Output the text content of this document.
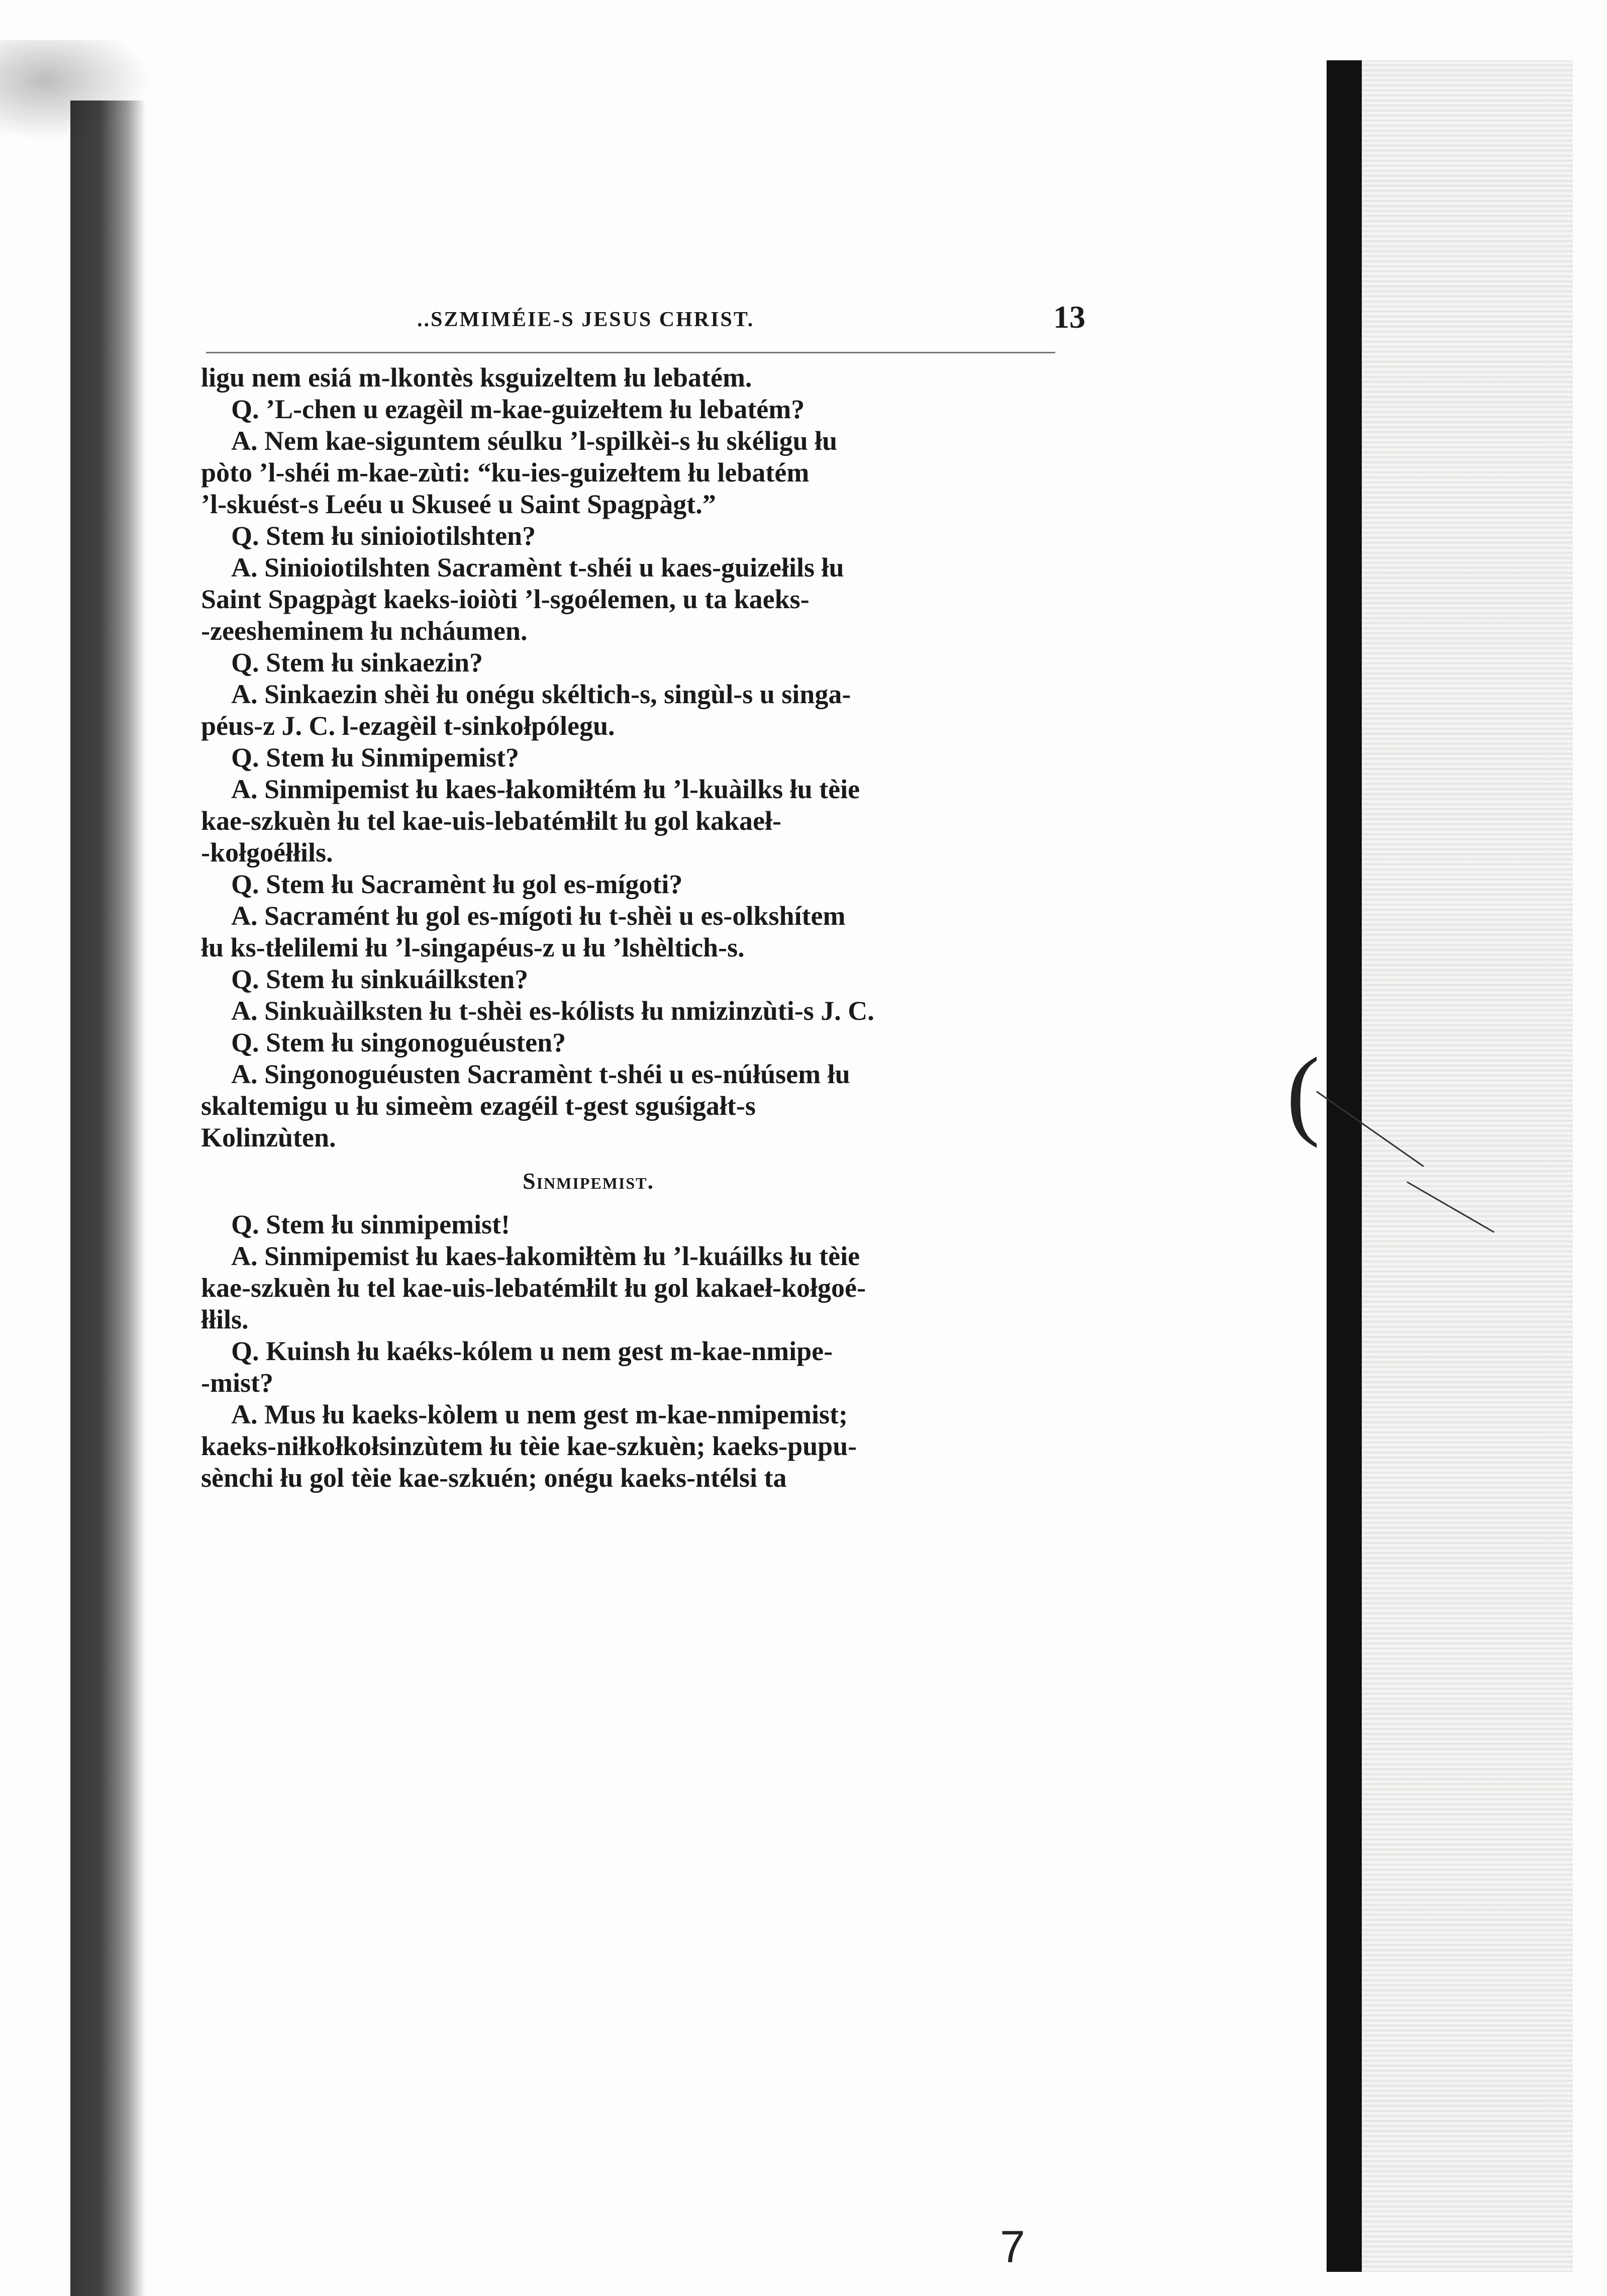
..SZMIMÉIE-S JESUS CHRIST.	13
ligu nem esiá m-lkontès ksguizeltem łu lebatém.
Q. ’L-chen u ezagèil m-kae-guizełtem łu lebatém?
A. Nem kae-siguntem séulku ’l-spilkèi-s łu skéligu łu
pòto ’l-shéi m-kae-zùti: “ku-ies-guizełtem łu lebatém
’l-skuést-s Leéu u Skuseé u Saint Spagpàgt.”
Q. Stem łu sinioiotilshten?
A. Sinioiotilshten Sacramènt t-shéi u kaes-guizełils łu
Saint Spagpàgt kaeks-ioiòti ’l-sgoélemen, u ta kaeks-
-zeesheminem łu ncháumen.
Q. Stem łu sinkaezin?
A. Sinkaezin shèi łu onégu skéltich-s, singùl-s u singa-
péus-z J. C. l-ezagèil t-sinkołpólegu.
Q. Stem łu Sinmipemist?
A. Sinmipemist łu kaes-łakomiłtém łu ’l-kuàilks łu tèie
kae-szkuèn łu tel kae-uis-lebatémłilt łu gol kakaeł-
-kołgoéłłils.
Q. Stem łu Sacramènt łu gol es-mígoti?
A. Sacramént łu gol es-mígoti łu t-shèi u es-olkshítem
łu ks-tłelilemi łu ’l-singapéus-z u łu ’lshèltich-s.
Q. Stem łu sinkuáilksten?
A. Sinkuàilksten łu t-shèi es-kólists łu nmizinzùti-s J. C.
Q. Stem łu singonoguéusten?
A. Singonoguéusten Sacramènt t-shéi u es-núłúsem łu
skaltemigu u łu simeèm ezagéil t-gest sguśigałt-s
Kolinzùten.
Sinmipemist.
Q. Stem łu sinmipemist!
A. Sinmipemist łu kaes-łakomiłtèm łu ’l-kuáilks łu tèie
kae-szkuèn łu tel kae-uis-lebatémłilt łu gol kakaeł-kołgoé-
łłils.
Q. Kuinsh łu kaéks-kólem u nem gest m-kae-nmipe-
-mist?
A. Mus łu kaeks-kòlem u nem gest m-kae-nmipemist;
kaeks-niłkołkołsinzùtem łu tèie kae-szkuèn; kaeks-pupu-
sènchi łu gol tèie kae-szkuén; onégu kaeks-ntélsi ta
(
7
